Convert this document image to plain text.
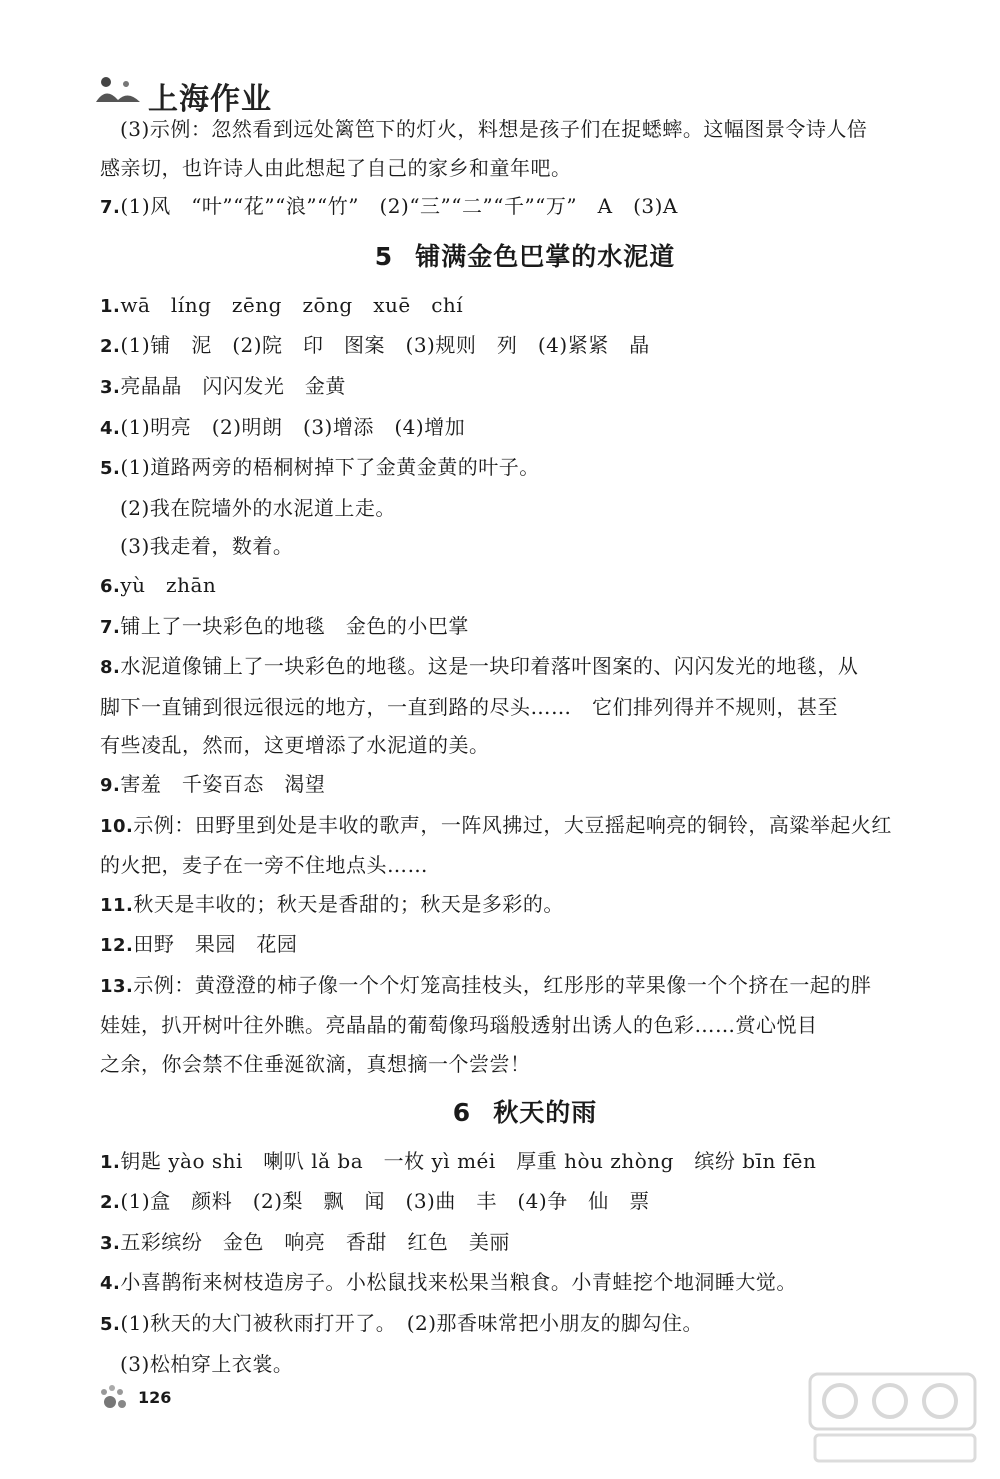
上海作业
(3)示例：忽然看到远处篱笆下的灯火，料想是孩子们在捉蟋蟀。这幅图景令诗人倍
感亲切，也许诗人由此想起了自己的家乡和童年吧。
7.(1)风　“叶”“花”“浪”“竹”　(2)“三”“二”“千”“万”　A　(3)A
5 铺满金色巴掌的水泥道
1.wā　líng　zēng　zōng　xuē　chí
2.(1)铺　泥　(2)院　印　图案　(3)规则　列　(4)紧紧　晶
3.亮晶晶　闪闪发光　金黄
4.(1)明亮　(2)明朗　(3)增添　(4)增加
5.(1)道路两旁的梧桐树掉下了金黄金黄的叶子。
(2)我在院墙外的水泥道上走。
(3)我走着，数着。
6.yù　zhān
7.铺上了一块彩色的地毯　金色的小巴掌
8.水泥道像铺上了一块彩色的地毯。这是一块印着落叶图案的、闪闪发光的地毯，从
脚下一直铺到很远很远的地方，一直到路的尽头……　它们排列得并不规则，甚至
有些凌乱，然而，这更增添了水泥道的美。
9.害羞　千姿百态　渴望
10.示例：田野里到处是丰收的歌声，一阵风拂过，大豆摇起响亮的铜铃，高粱举起火红
的火把，麦子在一旁不住地点头……
11.秋天是丰收的；秋天是香甜的；秋天是多彩的。
12.田野　果园　花园
13.示例：黄澄澄的柿子像一个个灯笼高挂枝头，红彤彤的苹果像一个个挤在一起的胖
娃娃，扒开树叶往外瞧。亮晶晶的葡萄像玛瑙般透射出诱人的色彩……赏心悦目
之余，你会禁不住垂涎欲滴，真想摘一个尝尝！
6 秋天的雨
1.钥匙 yào shi　喇叭 lǎ ba　一枚 yì méi　厚重 hòu zhòng　缤纷 bīn fēn
2.(1)盒　颜料　(2)梨　飘　闻　(3)曲　丰　(4)争　仙　票
3.五彩缤纷　金色　响亮　香甜　红色　美丽
4.小喜鹊衔来树枝造房子。小松鼠找来松果当粮食。小青蛙挖个地洞睡大觉。
5.(1)秋天的大门被秋雨打开了。　(2)那香味常把小朋友的脚勾住。
(3)松柏穿上衣裳。
126
